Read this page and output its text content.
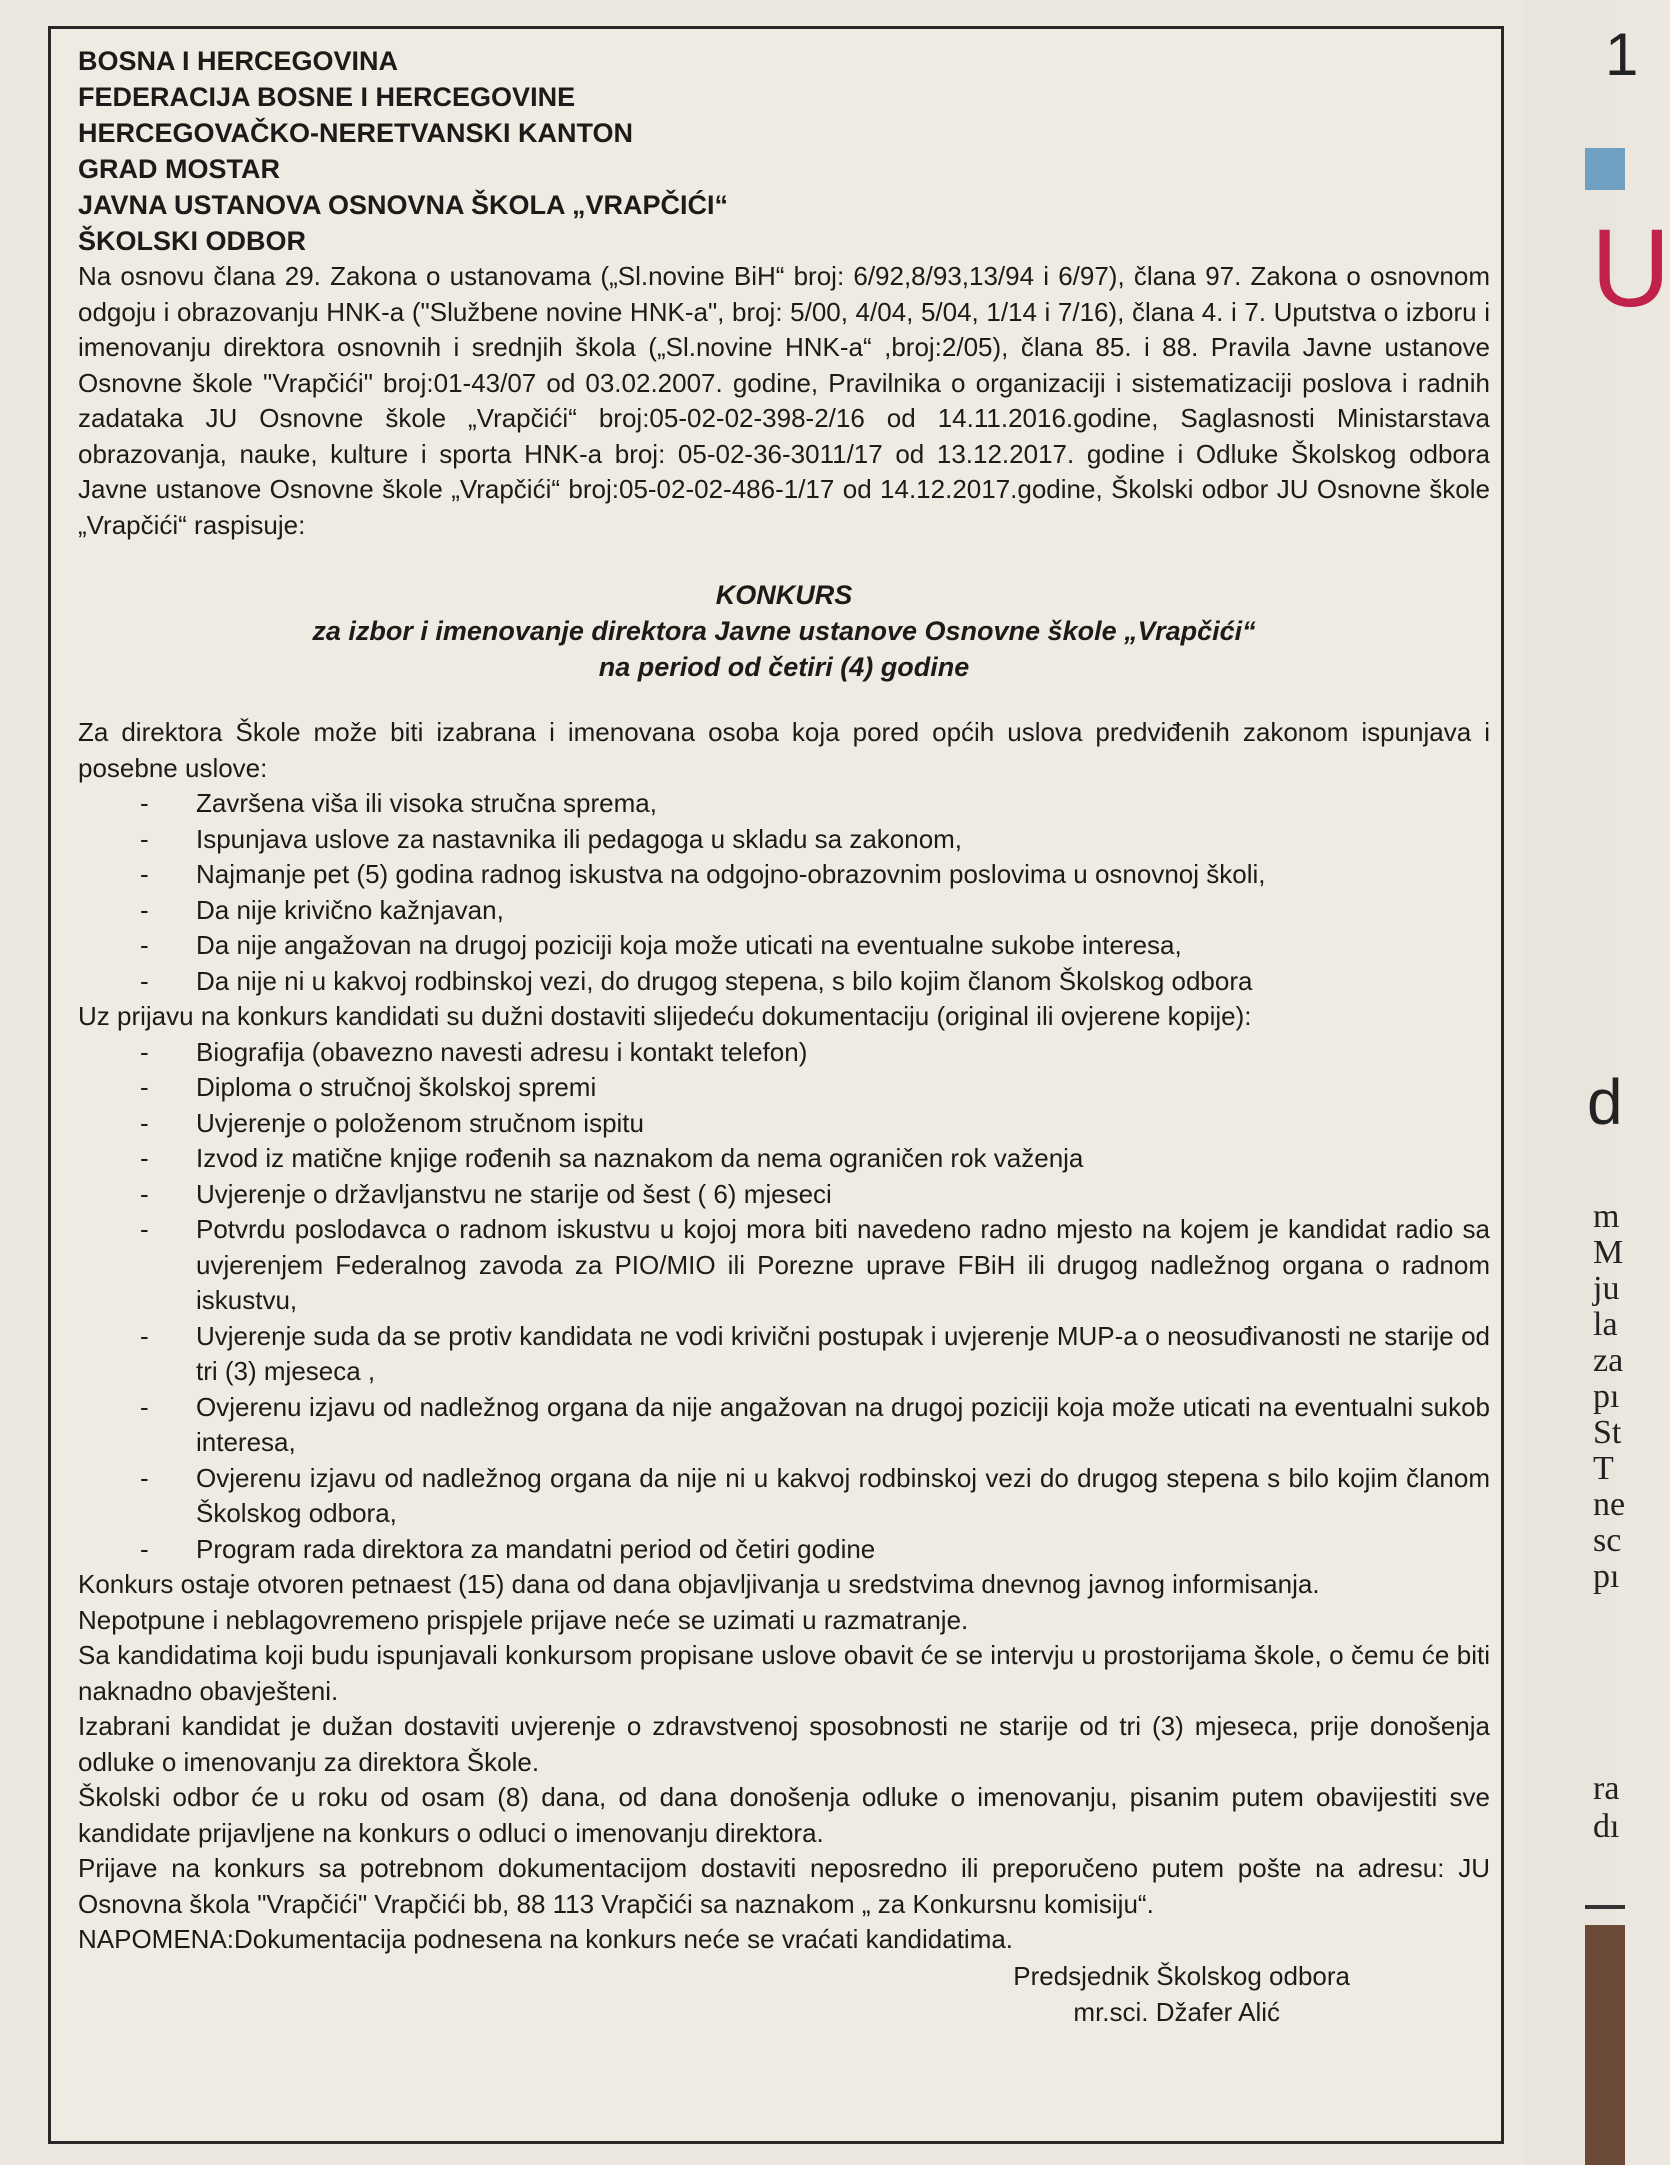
1
U
d
m
M
ju
la
za
pı
St
T
ne
sc
pı
ra
dı

BOSNA I HERCEGOVINA

FEDERACIJA BOSNE I HERCEGOVINE

HERCEGOVAČKO-NERETVANSKI KANTON

GRAD MOSTAR

JAVNA USTANOVA OSNOVNA ŠKOLA „VRAPČIĆI“

ŠKOLSKI ODBOR

Na osnovu člana 29. Zakona o ustanovama („Sl.novine BiH“ broj: 6/92,8/93,13/94 i 6/97), člana 97. Zakona o osnovnom odgoju i obrazovanju HNK-a ("Službene novine HNK-a", broj: 5/00, 4/04, 5/04, 1/14 i 7/16), člana 4. i 7. Uputstva o izboru i imenovanju direktora osnovnih i srednjih škola („Sl.novine HNK-a“ ,broj:2/05), člana 85. i 88. Pravila Javne ustanove Osnovne škole "Vrapčići" broj:01-43/07 od 03.02.2007. godine, Pravilnika o organizaciji i sistematizaciji poslova i radnih zadataka JU Osnovne škole „Vrapčići“ broj:05-02-02-398-2/16 od 14.11.2016.godine, Saglasnosti Ministarstava obrazovanja, nauke, kulture i sporta HNK-a broj: 05-02-36-3011/17 od 13.12.2017. godine i Odluke Školskog odbora Javne ustanove Osnovne škole „Vrapčići“ broj:05-02-02-486-1/17 od 14.12.2017.godine, Školski odbor JU Osnovne škole „Vrapčići“ raspisuje:

KONKURS

za izbor i imenovanje direktora Javne ustanove Osnovne škole „Vrapčići“

na period od četiri (4) godine

Za direktora Škole može biti izabrana i imenovana osoba koja pored općih uslova predviđenih zakonom ispunjava i posebne uslove:

- Završena viša ili visoka stručna sprema,
- Ispunjava uslove za nastavnika ili pedagoga u skladu sa zakonom,
- Najmanje pet (5) godina radnog iskustva na odgojno-obrazovnim poslovima u osnovnoj školi,
- Da nije krivično kažnjavan,
- Da nije angažovan na drugoj poziciji koja može uticati na eventualne sukobe interesa,
- Da nije ni u kakvoj rodbinskoj vezi, do drugog stepena, s bilo kojim članom Školskog odbora

Uz prijavu na konkurs kandidati su dužni dostaviti slijedeću dokumentaciju (original ili ovjerene kopije):

- Biografija (obavezno navesti adresu i kontakt telefon)
- Diploma o stručnoj školskoj spremi
- Uvjerenje o položenom stručnom ispitu
- Izvod iz matične knjige rođenih sa naznakom da nema ograničen rok važenja
- Uvjerenje o državljanstvu ne starije od šest ( 6) mjeseci
- Potvrdu poslodavca o radnom iskustvu u kojoj mora biti navedeno radno mjesto na kojem je kandidat radio sa uvjerenjem Federalnog zavoda za PIO/MIO ili Porezne uprave FBiH ili drugog nadležnog organa o radnom iskustvu,
- Uvjerenje suda da se protiv kandidata ne vodi krivični postupak i uvjerenje MUP-a o neosuđivanosti ne starije od tri (3) mjeseca ,
- Ovjerenu izjavu od nadležnog organa da nije angažovan na drugoj poziciji koja može uticati na eventualni sukob interesa,
- Ovjerenu izjavu od nadležnog organa da nije ni u kakvoj rodbinskoj vezi do drugog stepena s bilo kojim članom Školskog odbora,
- Program rada direktora za mandatni period od četiri godine

Konkurs ostaje otvoren petnaest (15) dana od dana objavljivanja u sredstvima dnevnog javnog informisanja.

Nepotpune i neblagovremeno prispjele prijave neće se uzimati u razmatranje.

Sa kandidatima koji budu ispunjavali konkursom propisane uslove obavit će se intervju u prostorijama škole, o čemu će biti naknadno obavješteni.

Izabrani kandidat je dužan dostaviti uvjerenje o zdravstvenoj sposobnosti ne starije od tri (3) mjeseca, prije donošenja odluke o imenovanju za direktora Škole.

Školski odbor će u roku od osam (8) dana, od dana donošenja odluke o imenovanju, pisanim putem obavijestiti sve kandidate prijavljene na konkurs o odluci o imenovanju direktora.

Prijave na konkurs sa potrebnom dokumentacijom dostaviti neposredno ili preporučeno putem pošte na adresu: JU Osnovna škola "Vrapčići" Vrapčići bb, 88 113 Vrapčići sa naznakom „ za Konkursnu komisiju“.

NAPOMENA:Dokumentacija podnesena na konkurs neće se vraćati kandidatima.

Predsjednik Školskog odbora
mr.sci. Džafer Alić
